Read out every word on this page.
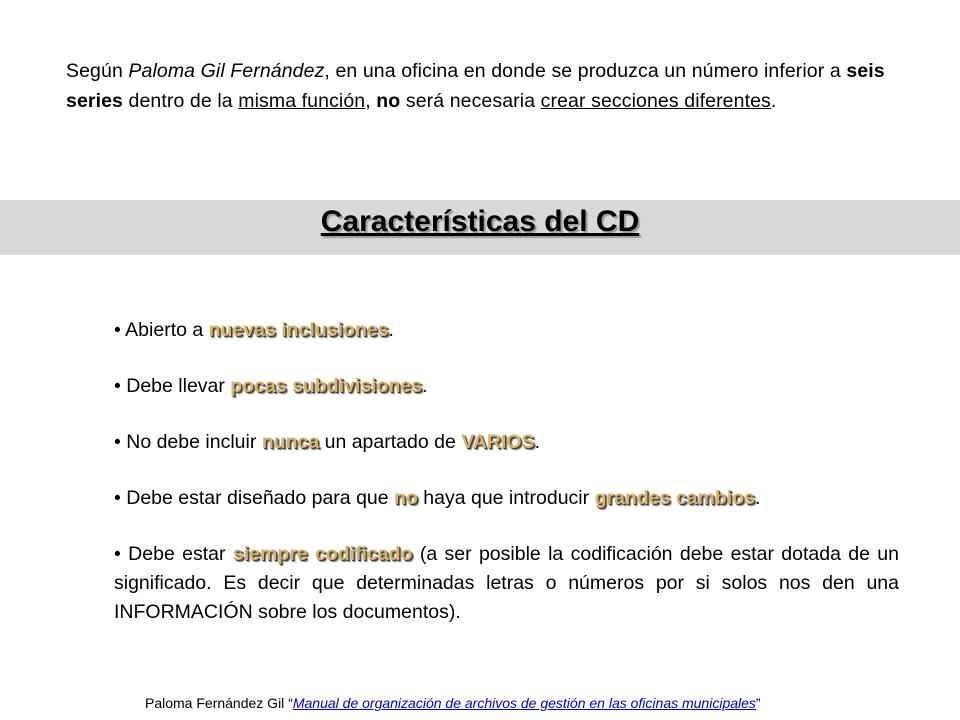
Según Paloma Gil Fernández, en una oficina en donde se produzca un número inferior a seis series dentro de la misma función, no será necesaria crear secciones diferentes.
Características del CD

• Abierto a nuevas inclusiones.

• Debe llevar pocas subdivisiones.

• No debe incluir nunca un apartado de VARIOS.

• Debe estar diseñado para que no haya que introducir grandes cambios.

• Debe estar siempre codificado (a ser posible la codificación debe estar dotada de un significado. Es decir que determinadas letras o números por si solos nos den una INFORMACIÓN sobre los documentos).

Paloma Fernández Gil “Manual de organización de archivos de gestión en las oficinas municipales”
